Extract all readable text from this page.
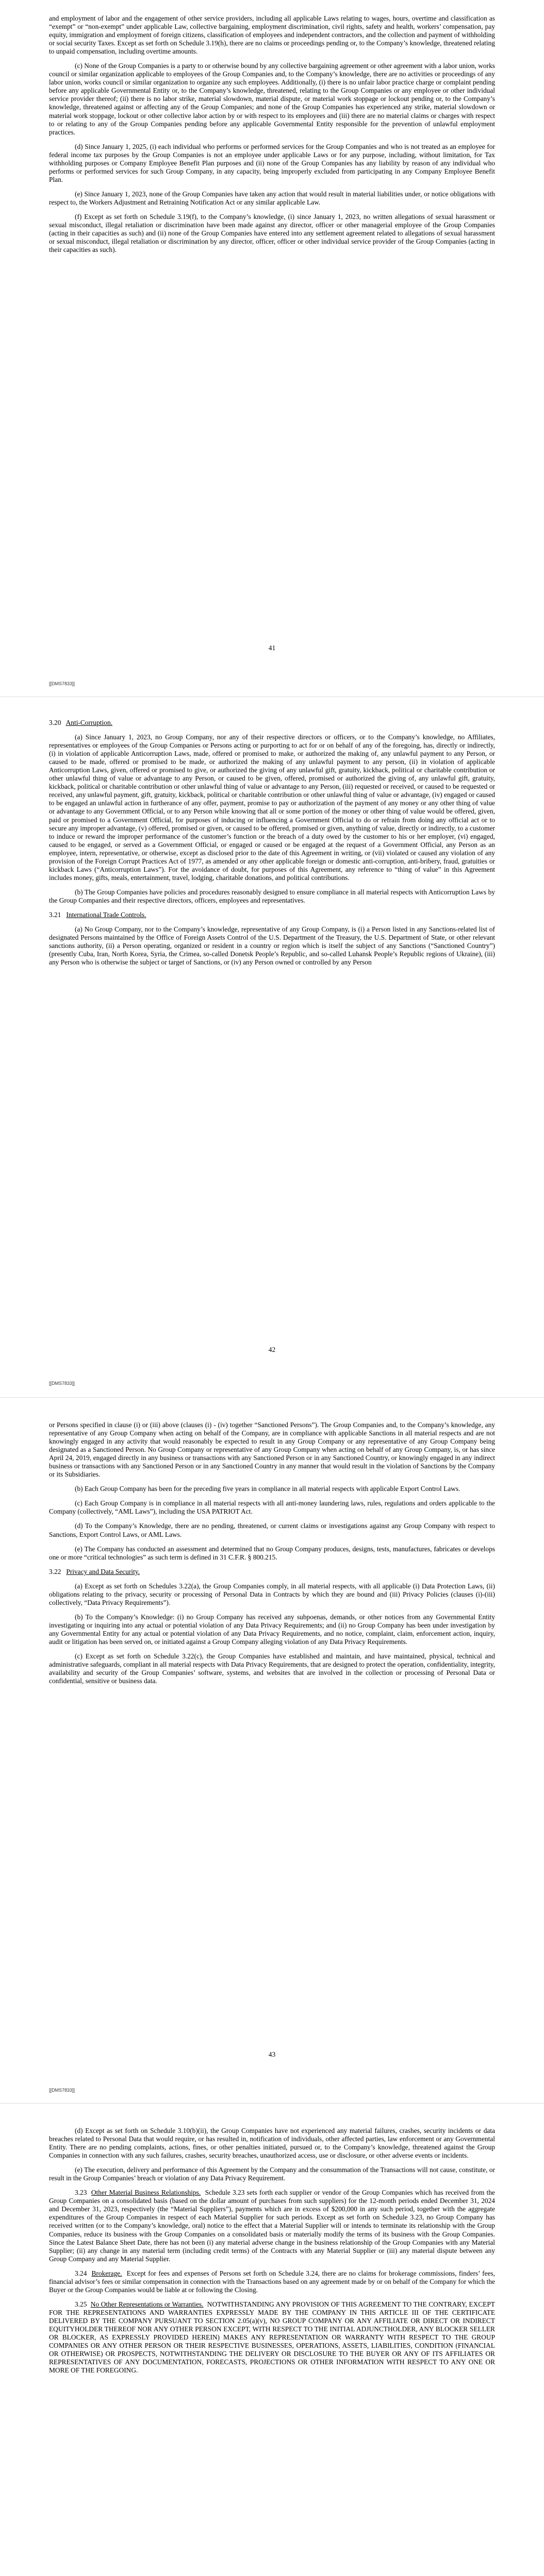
and employment of labor and the engagement of other service providers, including all applicable Laws relating to wages, hours, overtime and classification as “exempt” or “non-exempt” under applicable Law, collective bargaining, employment discrimination, civil rights, safety and health, workers’ compensation, pay equity, immigration and employment of foreign citizens, classification of employees and independent contractors, and the collection and payment of withholding or social security Taxes. Except as set forth on Schedule 3.19(h), there are no claims or proceedings pending or, to the Company’s knowledge, threatened relating to unpaid compensation, including overtime amounts.

(c) None of the Group Companies is a party to or otherwise bound by any collective bargaining agreement or other agreement with a labor union, works council or similar organization applicable to employees of the Group Companies and, to the Company’s knowledge, there are no activities or proceedings of any labor union, works council or similar organization to organize any such employees. Additionally, (i) there is no unfair labor practice charge or complaint pending before any applicable Governmental Entity or, to the Company’s knowledge, threatened, relating to the Group Companies or any employee or other individual service provider thereof; (ii) there is no labor strike, material slowdown, material dispute, or material work stoppage or lockout pending or, to the Company’s knowledge, threatened against or affecting any of the Group Companies; and none of the Group Companies has experienced any strike, material slowdown or material work stoppage, lockout or other collective labor action by or with respect to its employees and (iii) there are no material claims or charges with respect to or relating to any of the Group Companies pending before any applicable Governmental Entity responsible for the prevention of unlawful employment practices.

(d) Since January 1, 2025, (i) each individual who performs or performed services for the Group Companies and who is not treated as an employee for federal income tax purposes by the Group Companies is not an employee under applicable Laws or for any purpose, including, without limitation, for Tax withholding purposes or Company Employee Benefit Plan purposes and (ii) none of the Group Companies has any liability by reason of any individual who performs or performed services for such Group Company, in any capacity, being improperly excluded from participating in any Company Employee Benefit Plan.

(e) Since January 1, 2023, none of the Group Companies have taken any action that would result in material liabilities under, or notice obligations with respect to, the Workers Adjustment and Retraining Notification Act or any similar applicable Law.

(f) Except as set forth on Schedule 3.19(f), to the Company’s knowledge, (i) since January 1, 2023, no written allegations of sexual harassment or sexual misconduct, illegal retaliation or discrimination have been made against any director, officer or other managerial employee of the Group Companies (acting in their capacities as such) and (ii) none of the Group Companies have entered into any settlement agreement related to allegations of sexual harassment or sexual misconduct, illegal retaliation or discrimination by any director, officer, officer or other individual service provider of the Group Companies (acting in their capacities as such).

41
[[DMS7833]]
3.20 Anti-Corruption.

(a) Since January 1, 2023, no Group Company, nor any of their respective directors or officers, or to the Company’s knowledge, no Affiliates, representatives or employees of the Group Companies or Persons acting or purporting to act for or on behalf of any of the foregoing, has, directly or indirectly, (i) in violation of applicable Anticorruption Laws, made, offered or promised to make, or authorized the making of, any unlawful payment to any Person, or caused to be made, offered or promised to be made, or authorized the making of any unlawful payment to any person, (ii) in violation of applicable Anticorruption Laws, given, offered or promised to give, or authorized the giving of any unlawful gift, gratuity, kickback, political or charitable contribution or other unlawful thing of value or advantage to any Person, or caused to be given, offered, promised or authorized the giving of, any unlawful gift, gratuity, kickback, political or charitable contribution or other unlawful thing of value or advantage to any Person, (iii) requested or received, or caused to be requested or received, any unlawful payment, gift, gratuity, kickback, political or charitable contribution or other unlawful thing of value or advantage, (iv) engaged or caused to be engaged an unlawful action in furtherance of any offer, payment, promise to pay or authorization of the payment of any money or any other thing of value or advantage to any Government Official, or to any Person while knowing that all or some portion of the money or other thing of value would be offered, given, paid or promised to a Government Official, for purposes of inducing or influencing a Government Official to do or refrain from doing any official act or to secure any improper advantage, (v) offered, promised or given, or caused to be offered, promised or given, anything of value, directly or indirectly, to a customer to induce or reward the improper performance of the customer’s function or the breach of a duty owed by the customer to his or her employer, (vi) engaged, caused to be engaged, or served as a Government Official, or engaged or caused or be engaged at the request of a Government Official, any Person as an employee, intern, representative, or otherwise, except as disclosed prior to the date of this Agreement in writing, or (vii) violated or caused any violation of any provision of the Foreign Corrupt Practices Act of 1977, as amended or any other applicable foreign or domestic anti-corruption, anti-bribery, fraud, gratuities or kickback Laws (“Anticorruption Laws”). For the avoidance of doubt, for purposes of this Agreement, any reference to “thing of value” in this Agreement includes money, gifts, meals, entertainment, travel, lodging, charitable donations, and political contributions.

(b) The Group Companies have policies and procedures reasonably designed to ensure compliance in all material respects with Anticorruption Laws by the Group Companies and their respective directors, officers, employees and representatives.

3.21 International Trade Controls.

(a) No Group Company, nor to the Company’s knowledge, representative of any Group Company, is (i) a Person listed in any Sanctions-related list of designated Persons maintained by the Office of Foreign Assets Control of the U.S. Department of the Treasury, the U.S. Department of State, or other relevant sanctions authority, (ii) a Person operating, organized or resident in a country or region which is itself the subject of any Sanctions (“Sanctioned Country”) (presently Cuba, Iran, North Korea, Syria, the Crimea, so-called Donetsk People’s Republic, and so-called Luhansk People’s Republic regions of Ukraine), (iii) any Person who is otherwise the subject or target of Sanctions, or (iv) any Person owned or controlled by any Person

42
[[DMS7833]]

or Persons specified in clause (i) or (iii) above (clauses (i) - (iv) together “Sanctioned Persons”). The Group Companies and, to the Company’s knowledge, any representative of any Group Company when acting on behalf of the Company, are in compliance with applicable Sanctions in all material respects and are not knowingly engaged in any activity that would reasonably be expected to result in any Group Company or any representative of any Group Company being designated as a Sanctioned Person. No Group Company or representative of any Group Company when acting on behalf of any Group Company, is, or has since April 24, 2019, engaged directly in any business or transactions with any Sanctioned Person or in any Sanctioned Country, or knowingly engaged in any indirect business or transactions with any Sanctioned Person or in any Sanctioned Country in any manner that would result in the violation of Sanctions by the Company or its Subsidiaries.

(b) Each Group Company has been for the preceding five years in compliance in all material respects with applicable Export Control Laws.

(c) Each Group Company is in compliance in all material respects with all anti-money laundering laws, rules, regulations and orders applicable to the Company (collectively, “AML Laws”), including the USA PATRIOT Act.

(d) To the Company’s Knowledge, there are no pending, threatened, or current claims or investigations against any Group Company with respect to Sanctions, Export Control Laws, or AML Laws.

(e) The Company has conducted an assessment and determined that no Group Company produces, designs, tests, manufactures, fabricates or develops one or more “critical technologies” as such term is defined in 31 C.F.R. § 800.215.

3.22 Privacy and Data Security.

(a) Except as set forth on Schedules 3.22(a), the Group Companies comply, in all material respects, with all applicable (i) Data Protection Laws, (ii) obligations relating to the privacy, security or processing of Personal Data in Contracts by which they are bound and (iii) Privacy Policies (clauses (i)-(iii) collectively, “Data Privacy Requirements”).

(b) To the Company’s Knowledge: (i) no Group Company has received any subpoenas, demands, or other notices from any Governmental Entity investigating or inquiring into any actual or potential violation of any Data Privacy Requirements; and (ii) no Group Company has been under investigation by any Governmental Entity for any actual or potential violation of any Data Privacy Requirements, and no notice, complaint, claim, enforcement action, inquiry, audit or litigation has been served on, or initiated against a Group Company alleging violation of any Data Privacy Requirements.

(c) Except as set forth on Schedule 3.22(c), the Group Companies have established and maintain, and have maintained, physical, technical and administrative safeguards, compliant in all material respects with Data Privacy Requirements, that are designed to protect the operation, confidentiality, integrity, availability and security of the Group Companies’ software, systems, and websites that are involved in the collection or processing of Personal Data or confidential, sensitive or business data.

43
[[DMS7833]]

(d) Except as set forth on Schedule 3.10(b)(ii), the Group Companies have not experienced any material failures, crashes, security incidents or data breaches related to Personal Data that would require, or has resulted in, notification of individuals, other affected parties, law enforcement or any Governmental Entity. There are no pending complaints, actions, fines, or other penalties initiated, pursued or, to the Company’s knowledge, threatened against the Group Companies in connection with any such failures, crashes, security breaches, unauthorized access, use or disclosure, or other adverse events or incidents.

(e) The execution, delivery and performance of this Agreement by the Company and the consummation of the Transactions will not cause, constitute, or result in the Group Companies’ breach or violation of any Data Privacy Requirement.

3.23 Other Material Business Relationships. Schedule 3.23 sets forth each supplier or vendor of the Group Companies which has received from the Group Companies on a consolidated basis (based on the dollar amount of purchases from such suppliers) for the 12-month periods ended December 31, 2024 and December 31, 2023, respectively (the “Material Suppliers”), payments which are in excess of $200,000 in any such period, together with the aggregate expenditures of the Group Companies in respect of each Material Supplier for such periods. Except as set forth on Schedule 3.23, no Group Company has received written (or to the Company’s knowledge, oral) notice to the effect that a Material Supplier will or intends to terminate its relationship with the Group Companies, reduce its business with the Group Companies on a consolidated basis or materially modify the terms of its business with the Group Companies. Since the Latest Balance Sheet Date, there has not been (i) any material adverse change in the business relationship of the Group Companies with any Material Supplier; (ii) any change in any material term (including credit terms) of the Contracts with any Material Supplier or (iii) any material dispute between any Group Company and any Material Supplier.

3.24 Brokerage. Except for fees and expenses of Persons set forth on Schedule 3.24, there are no claims for brokerage commissions, finders’ fees, financial advisor’s fees or similar compensation in connection with the Transactions based on any agreement made by or on behalf of the Company for which the Buyer or the Group Companies would be liable at or following the Closing.

3.25 No Other Representations or Warranties. NOTWITHSTANDING ANY PROVISION OF THIS AGREEMENT TO THE CONTRARY, EXCEPT FOR THE REPRESENTATIONS AND WARRANTIES EXPRESSLY MADE BY THE COMPANY IN THIS ARTICLE III OF THE CERTIFICATE DELIVERED BY THE COMPANY PURSUANT TO SECTION 2.05(a)(v), NO GROUP COMPANY OR ANY AFFILIATE OR DIRECT OR INDIRECT EQUITYHOLDER THEREOF NOR ANY OTHER PERSON EXCEPT, WITH RESPECT TO THE INITIAL ADJUNCTHOLDER, ANY BLOCKER SELLER OR BLOCKER, AS EXPRESSLY PROVIDED HEREIN) MAKES ANY REPRESENTATION OR WARRANTY WITH RESPECT TO THE GROUP COMPANIES OR ANY OTHER PERSON OR THEIR RESPECTIVE BUSINESSES, OPERATIONS, ASSETS, LIABILITIES, CONDITION (FINANCIAL OR OTHERWISE) OR PROSPECTS, NOTWITHSTANDING THE DELIVERY OR DISCLOSURE TO THE BUYER OR ANY OF ITS AFFILIATES OR REPRESENTATIVES OF ANY DOCUMENTATION, FORECASTS, PROJECTIONS OR OTHER INFORMATION WITH RESPECT TO ANY ONE OR MORE OF THE FOREGOING.
